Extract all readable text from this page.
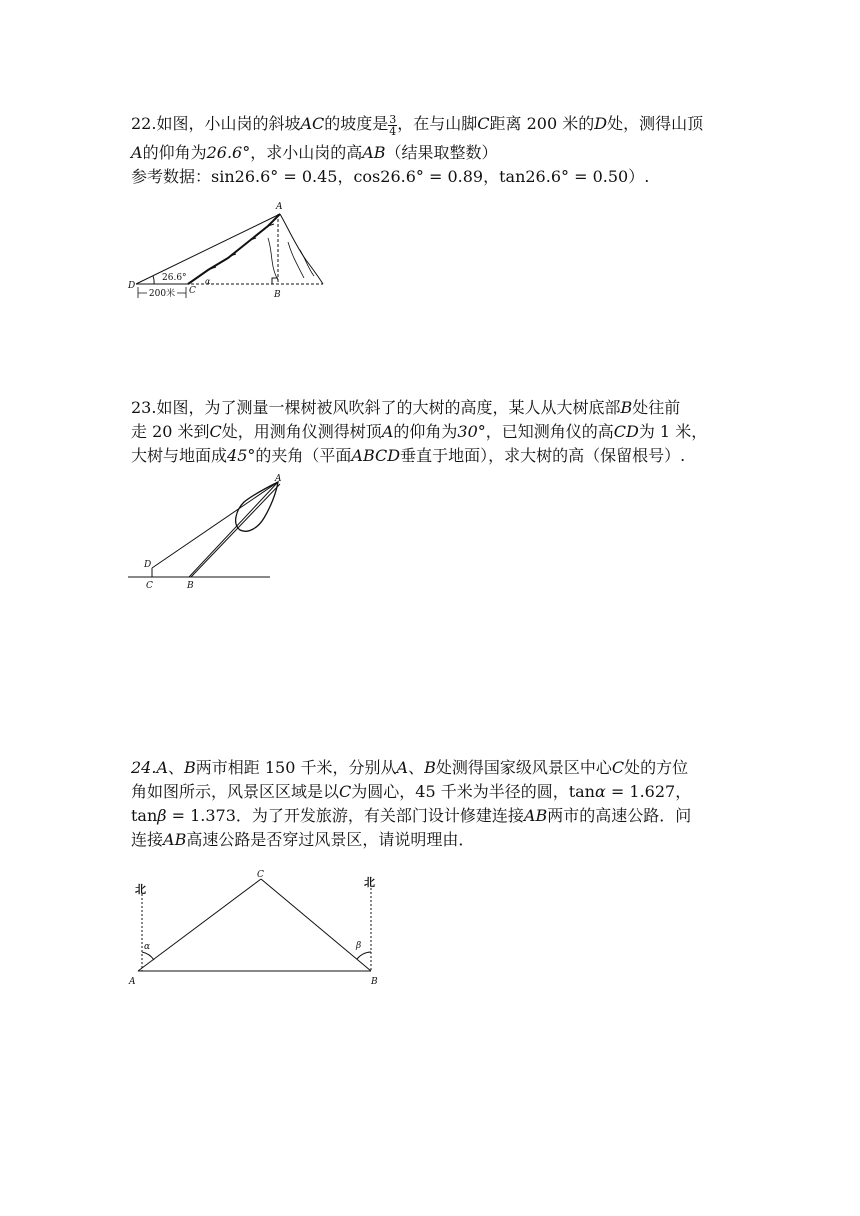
22.如图，小山岗的斜坡AC的坡度是 $\frac{3}{4}$ ，在与山脚C距离 200 米的D处，测得山顶

A的仰角为26.6°，求小山岗的高AB（结果取整数）

参考数据：sin26.6° = 0.45，cos26.6° = 0.89，tan26.6° = 0.50）.

200米
A
B
C
D
26.6° α

23.如图，为了测量一棵树被风吹斜了的大树的高度，某人从大树底部B处往前

走 20 米到C处，用测角仪测得树顶A的仰角为30°，已知测角仪的高CD为 1 米，

大树与地面成45°的夹角（平面ABCD垂直于地面），求大树的高（保留根号）.

A
B
C
D

24.A、B两市相距 150 千米，分别从A、B处测得国家级风景区中心C处的方位

角如图所示，风景区区域是以C为圆心，45 千米为半径的圆，tanα = 1.627，

tanβ = 1.373．为了开发旅游，有关部门设计修建连接AB两市的高速公路．问

连接AB高速公路是否穿过风景区，请说明理由．

北
北
C
A	B
α	β
